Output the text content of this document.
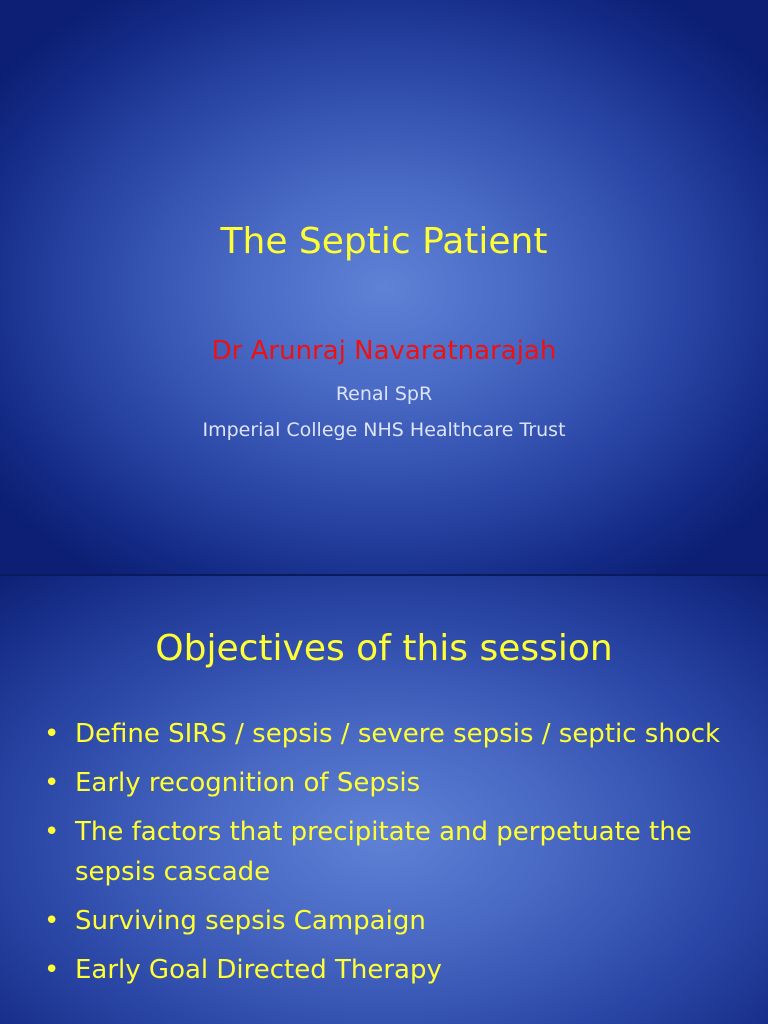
The Septic Patient
Dr Arunraj Navaratnarajah
Renal SpR
Imperial College NHS Healthcare Trust
Objectives of this session
• Define SIRS / sepsis / severe sepsis / septic shock
• Early recognition of Sepsis
• The factors that precipitate and perpetuate the sepsis cascade
• Surviving sepsis Campaign
• Early Goal Directed Therapy
